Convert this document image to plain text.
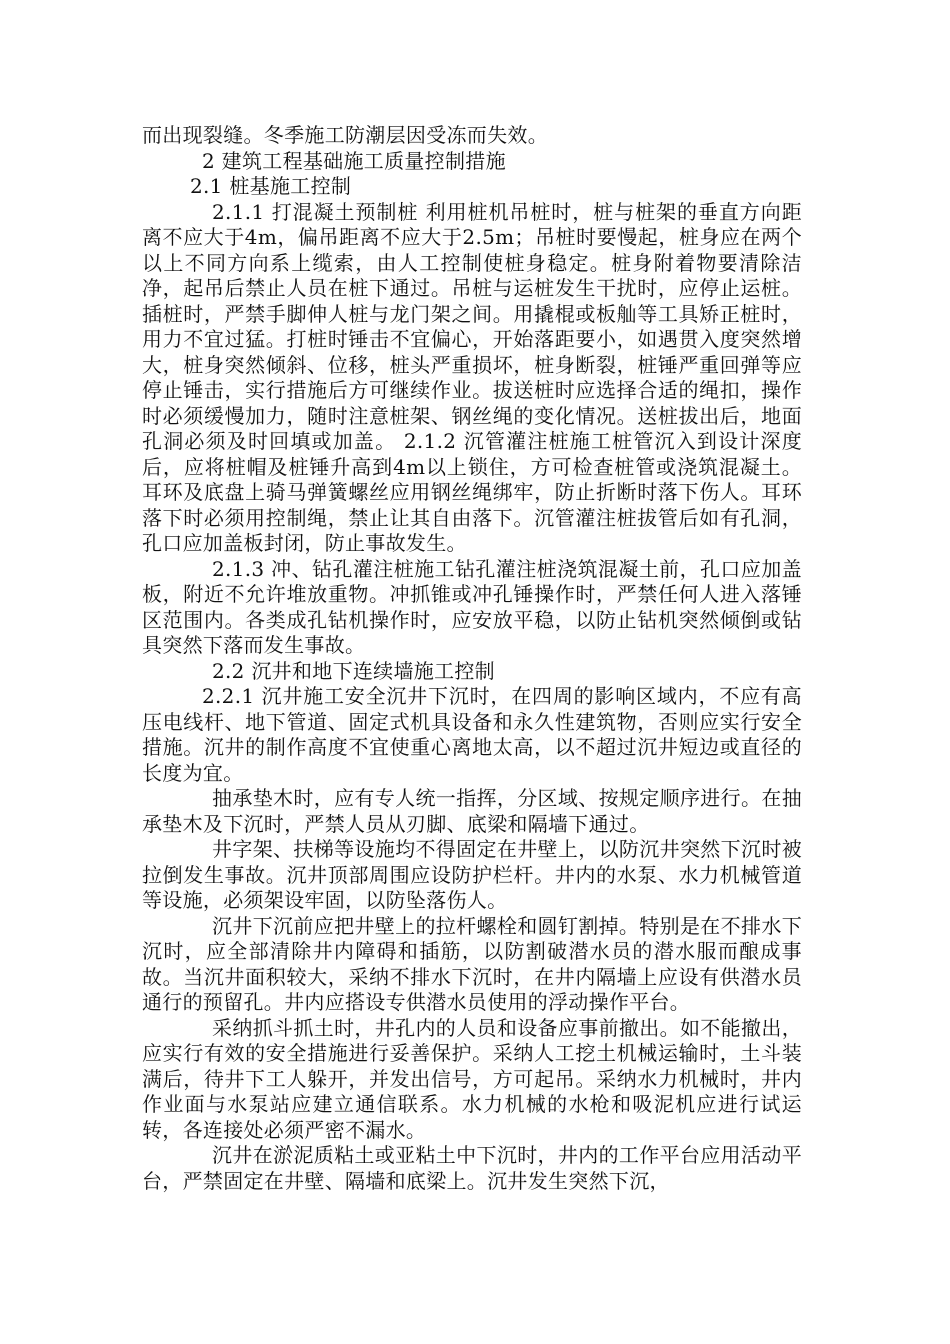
而出现裂缝。冬季施工防潮层因受冻而失效。

2 建筑工程基础施工质量控制措施

2.1 桩基施工控制

2.1.1 打混凝土预制桩 利用桩机吊桩时，桩与桩架的垂直方向距离不应大于4m，偏吊距离不应大于2.5m；吊桩时要慢起，桩身应在两个以上不同方向系上缆索，由人工控制使桩身稳定。桩身附着物要清除洁净，起吊后禁止人员在桩下通过。吊桩与运桩发生干扰时，应停止运桩。 插桩时，严禁手脚伸人桩与龙门架之间。用撬棍或板舢等工具矫正桩时，用力不宜过猛。打桩时锤击不宜偏心，开始落距要小，如遇贯入度突然增大，桩身突然倾斜、位移，桩头严重损坏，桩身断裂，桩锤严重回弹等应停止锤击，实行措施后方可继续作业。拔送桩时应选择合适的绳扣，操作时必须缓慢加力，随时注意桩架、钢丝绳的变化情况。送桩拔出后，地面孔洞必须及时回填或加盖。 2.1.2 沉管灌注桩施工桩管沉入到设计深度后，应将桩帽及桩锤升高到4m以上锁住，方可检查桩管或浇筑混凝土。耳环及底盘上骑马弹簧螺丝应用钢丝绳绑牢，防止折断时落下伤人。耳环落下时必须用控制绳，禁止让其自由落下。沉管灌注桩拔管后如有孔洞，孔口应加盖板封闭，防止事故发生。

2.1.3 冲、钻孔灌注桩施工钻孔灌注桩浇筑混凝土前，孔口应加盖板，附近不允许堆放重物。冲抓锥或冲孔锤操作时，严禁任何人进入落锤区范围内。各类成孔钻机操作时，应安放平稳，以防止钻机突然倾倒或钻具突然下落而发生事故。

2.2 沉井和地下连续墙施工控制

2.2.1 沉井施工安全沉井下沉时，在四周的影响区域内，不应有高压电线杆、地下管道、固定式机具设备和永久性建筑物，否则应实行安全措施。沉井的制作高度不宜使重心离地太高，以不超过沉井短边或直径的长度为宜。

抽承垫木时，应有专人统一指挥，分区域、按规定顺序进行。在抽承垫木及下沉时，严禁人员从刃脚、底梁和隔墙下通过。

井字架、扶梯等设施均不得固定在井壁上，以防沉井突然下沉时被拉倒发生事故。沉井顶部周围应设防护栏杆。井内的水泵、水力机械管道等设施，必须架设牢固，以防坠落伤人。

沉井下沉前应把井壁上的拉杆螺栓和圆钉割掉。特别是在不排水下沉时，应全部清除井内障碍和插筋，以防割破潜水员的潜水服而酿成事故。当沉井面积较大，采纳不排水下沉时，在井内隔墙上应设有供潜水员通行的预留孔。井内应搭设专供潜水员使用的浮动操作平台。

采纳抓斗抓土时，井孔内的人员和设备应事前撤出。如不能撤出，应实行有效的安全措施进行妥善保护。采纳人工挖土机械运输时，土斗装满后，待井下工人躲开，并发出信号，方可起吊。采纳水力机械时，井内作业面与水泵站应建立通信联系。水力机械的水枪和吸泥机应进行试运转，各连接处必须严密不漏水。

沉井在淤泥质粘土或亚粘土中下沉时，井内的工作平台应用活动平台，严禁固定在井壁、隔墙和底梁上。沉井发生突然下沉，
